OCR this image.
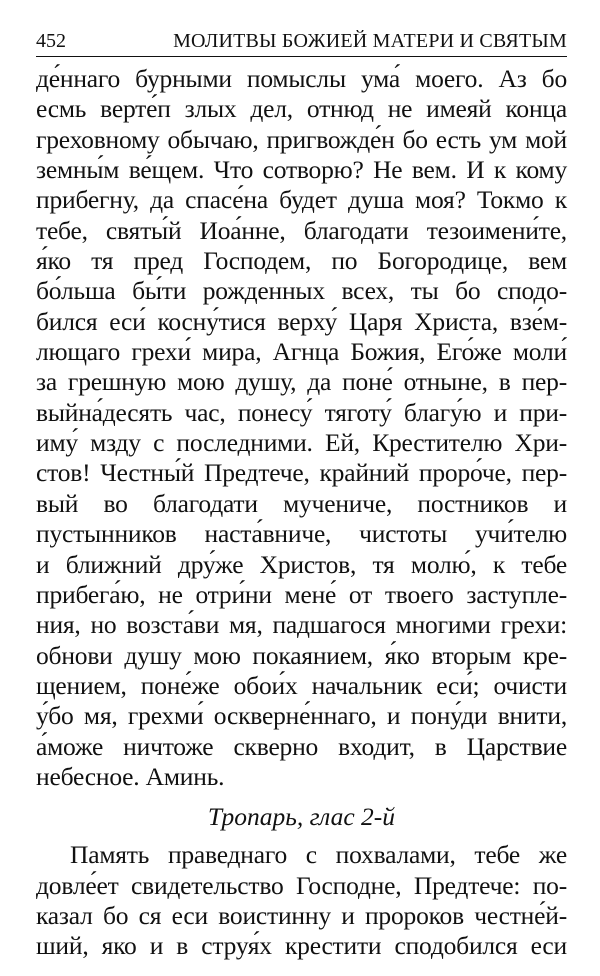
452	МОЛИТВЫ БОЖИЕЙ МАТЕРИ И СВЯТЫМ
де́ннаго бурными помыслы ума́ моего. Аз бо
есмь верте́п злых дел, отнюд не имеяй конца
греховному обычаю, пригвожде́н бо есть ум мой
земны́м ве́щем. Что сотворю? Не вем. И к кому
прибегну, да спасе́на будет душа моя? Токмо к
тебе, святы́й Иоа́нне, благодати тезоимени́те,
я́ко тя пред Господем, по Богородице, вем
бо́льша бы́ти рожденных всех, ты бо сподо-
бился еси́ косну́тися верху́ Царя Христа, взе́м-
лющаго грехи́ мира, Агнца Божия, Его́же моли́
за грешную мою душу, да поне́ отныне, в пер-
выйна́десять час, понесу́ тяготу́ благу́ю и при-
иму́ мзду с последними. Ей, Крестителю Хри-
стов! Честны́й Предтече, крайний проро́че, пер-
вый во благодати мучениче, постников и
пустынников наста́вниче, чистоты учи́телю
и ближний дру́же Христов, тя молю́, к тебе
прибега́ю, не отри́ни мене́ от твоего заступле-
ния, но возста́ви мя, падшагося многими грехи:
обнови душу мою покаянием, я́ко вторым кре-
щением, поне́же обои́х начальник еси́; очисти
у́бо мя, грехми́ оскверне́ннаго, и пону́ди внити,
а́може ничтоже скверно входит, в Царствие
небесное. Аминь.
Тропарь, глас 2-й
Память праведнаго с похвалами, тебе же
довле́ет свидетельство Господне, Предтече: по-
казал бо ся еси воистинну и пророков честне́й-
ший, яко и в струя́х крестити сподобился еси
